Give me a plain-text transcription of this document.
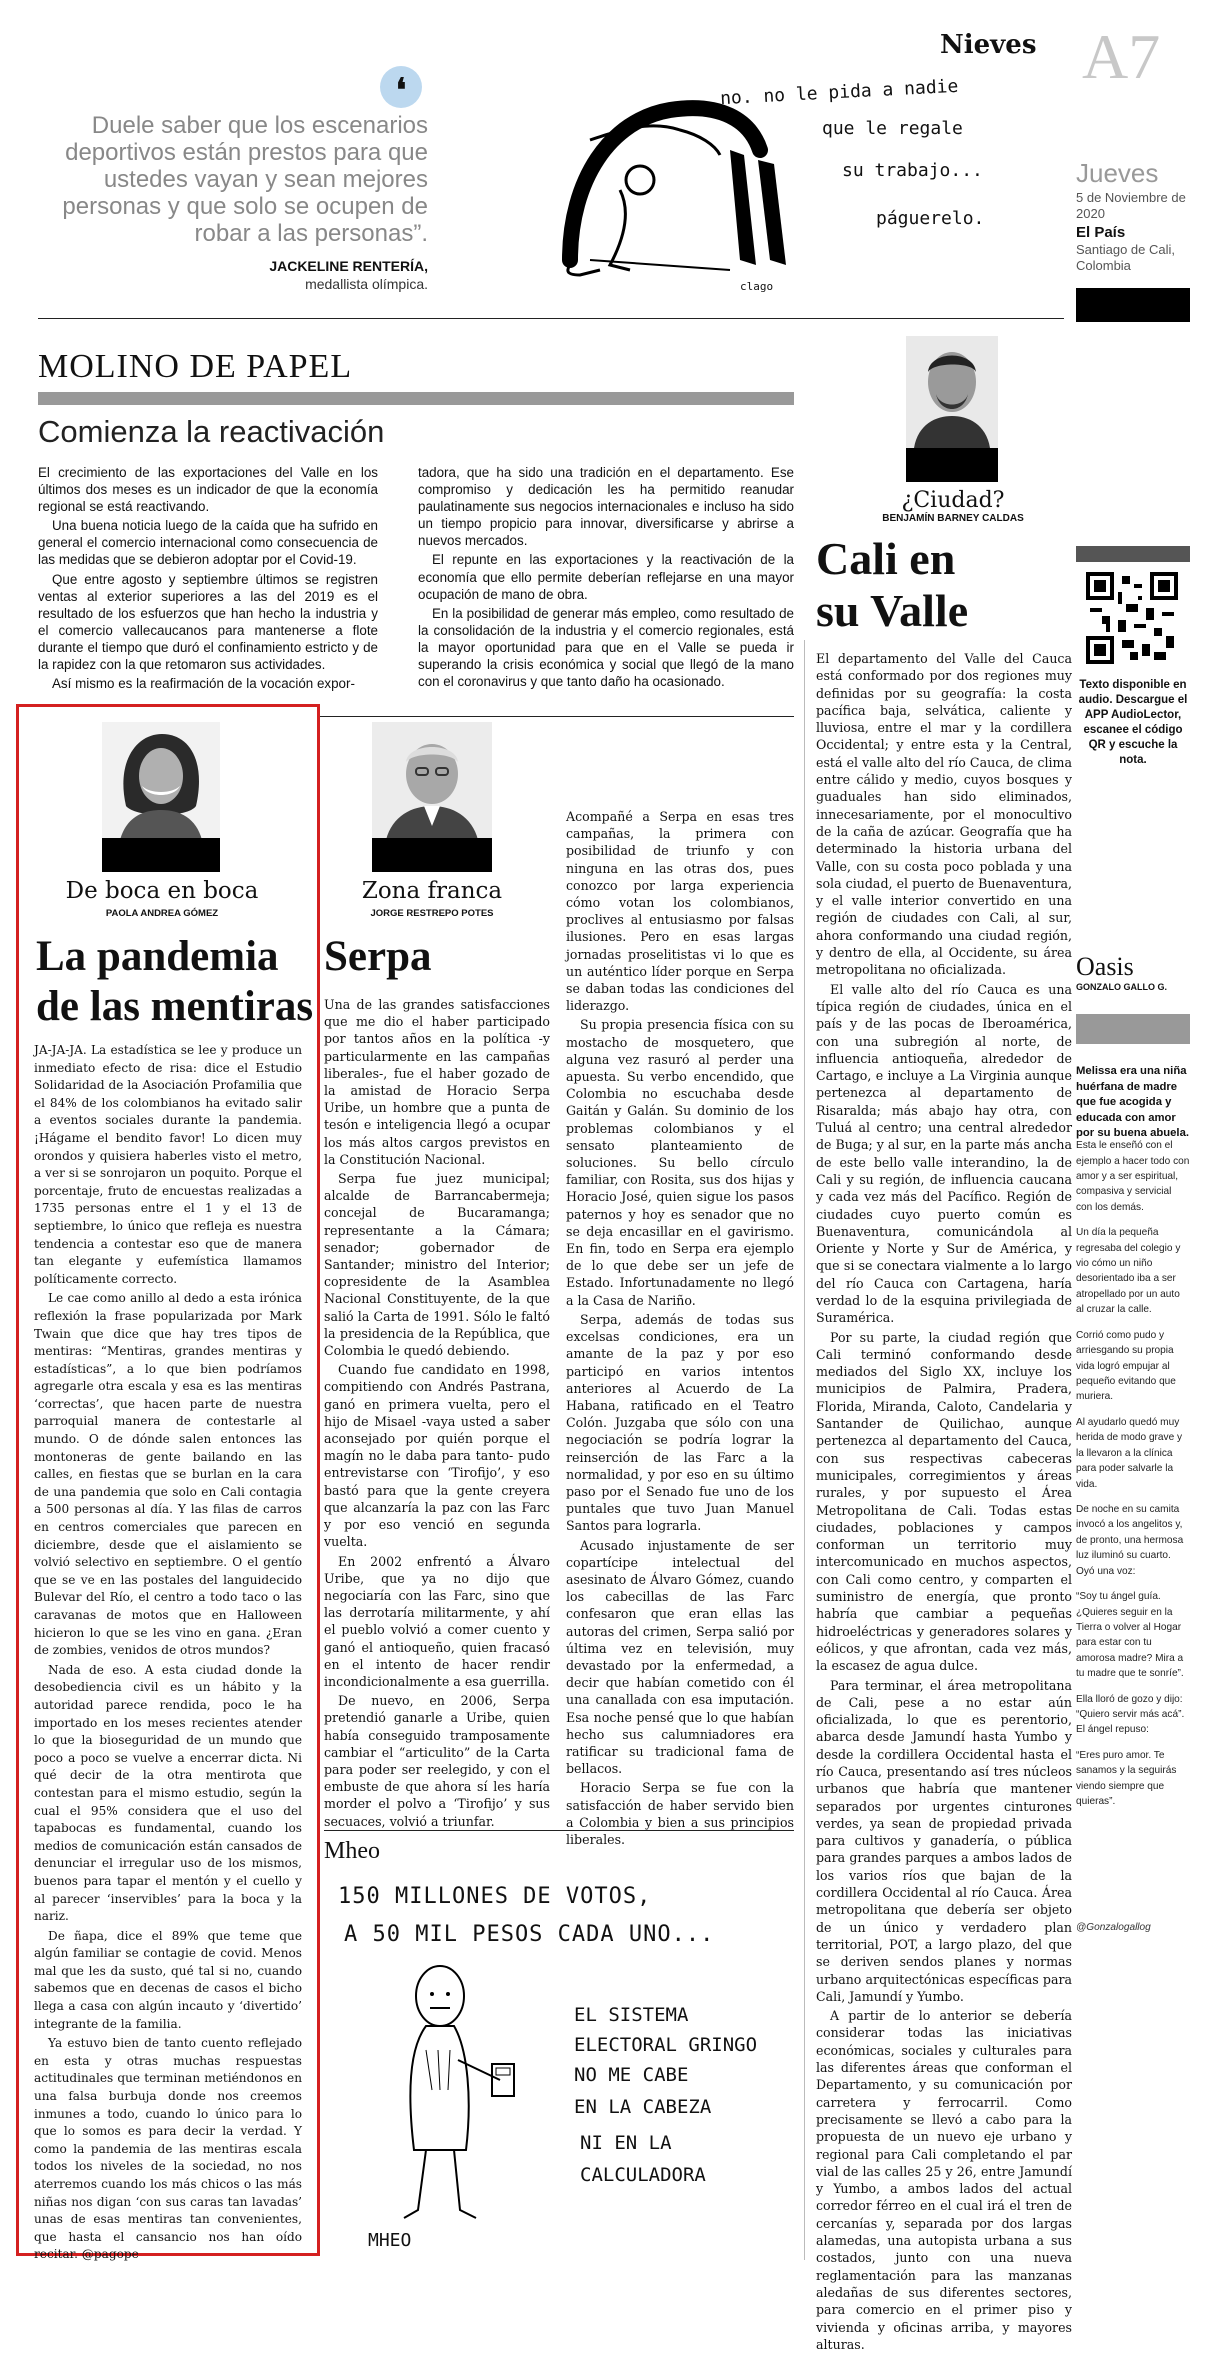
Nieves A7
Jueves
5 de Noviembre de 2020
El País
Santiago de Cali, Colombia
❛
Duele saber que los escenarios deportivos están prestos para que ustedes vayan y sean mejores personas y que solo se ocupen de robar a las personas”.
JACKELINE RENTERÍA,
medallista olímpica.
no. no le pida a nadie
que le regale
su trabajo...
páguerelo.
clago
MOLINO DE PAPEL
Comienza la reactivación

El crecimiento de las exportaciones del Valle en los últimos dos meses es un indicador de que la economía regional se está reactivando.

Una buena noticia luego de la caída que ha sufrido en general el comercio internacional como consecuencia de las medidas que se debieron adoptar por el Covid-19.

Que entre agosto y septiembre últimos se registren ventas al exterior superiores a las del 2019 es el resultado de los esfuerzos que han hecho la industria y el comercio vallecaucanos para mantenerse a flote durante el tiempo que duró el confinamiento estricto y de la rapidez con la que retomaron sus actividades.

Así mismo es la reafirmación de la vocación expor-

tadora, que ha sido una tradición en el departamento. Ese compromiso y dedicación les ha permitido reanudar paulatinamente sus negocios internacionales e incluso ha sido un tiempo propicio para innovar, diversificarse y abrirse a nuevos mercados.

El repunte en las exportaciones y la reactivación de la economía que ello permite deberían reflejarse en una mayor ocupación de mano de obra.

En la posibilidad de generar más empleo, como resultado de la consolidación de la industria y el comercio regionales, está la mayor oportunidad para que en el Valle se pueda ir superando la crisis económica y social que llegó de la mano con el coronavirus y que tanto daño ha ocasionado.

¿Ciudad?
BENJAMÍN BARNEY CALDAS
Cali en
su Valle

El departamento del Valle del Cauca está conformado por dos regiones muy definidas por su geografía: la costa pacífica baja, selvática, caliente y lluviosa, entre el mar y la cordillera Occidental; y entre esta y la Central, está el valle alto del río Cauca, de clima entre cálido y medio, cuyos bosques y guaduales han sido eliminados, innecesariamente, por el monocultivo de la caña de azúcar. Geografía que ha determinado la historia urbana del Valle, con su costa poco poblada y una sola ciudad, el puerto de Buenaventura, y el valle interior convertido en una región de ciudades con Cali, al sur, ahora conformando una ciudad región, y dentro de ella, al Occidente, su área metropolitana no oficializada.

El valle alto del río Cauca es una típica región de ciudades, única en el país y de las pocas de Iberoamérica, con una subregión al norte, de influencia antioqueña, alrededor de Cartago, e incluye a La Virginia aunque pertenezca al departamento de Risaralda; más abajo hay otra, con Tuluá al centro; una central alrededor de Buga; y al sur, en la parte más ancha de este bello valle interandino, la de Cali y su región, de influencia caucana y cada vez más del Pacífico. Región de ciudades cuyo puerto común es Buenaventura, comunicándola al Oriente y Norte y Sur de América, y que si se conectara vialmente a lo largo del río Cauca con Cartagena, haría verdad lo de la esquina privilegiada de Suramérica.

Por su parte, la ciudad región que Cali terminó conformando desde mediados del Siglo XX, incluye los municipios de Palmira, Pradera, Florida, Miranda, Caloto, Candelaria y Santander de Quilichao, aunque pertenezca al departamento del Cauca, con sus respectivas cabeceras municipales, corregimientos y áreas rurales, y por supuesto el Área Metropolitana de Cali. Todas estas ciudades, poblaciones y campos conforman un territorio muy intercomunicado en muchos aspectos, con Cali como centro, y comparten el suministro de energía, que pronto habría que cambiar a pequeñas hidroeléctricas y generadores solares y eólicos, y que afrontan, cada vez más, la escasez de agua dulce.

Para terminar, el área metropolitana de Cali, pese a no estar aún oficializada, lo que es perentorio, abarca desde Jamundí hasta Yumbo y desde la cordillera Occidental hasta el río Cauca, presentando así tres núcleos urbanos que habría que mantener separados por urgentes cinturones verdes, ya sean de propiedad privada para cultivos y ganadería, o pública para grandes parques a ambos lados de los varios ríos que bajan de la cordillera Occidental al río Cauca. Área metropolitana que debería ser objeto de un único y verdadero plan territorial, POT, a largo plazo, del que se deriven sendos planes y normas urbano arquitectónicas específicas para Cali, Jamundí y Yumbo.

A partir de lo anterior se debería considerar todas las iniciativas económicas, sociales y culturales para las diferentes áreas que conforman el Departamento, y su comunicación por carretera y ferrocarril. Como precisamente se llevó a cabo para la propuesta de un nuevo eje urbano y regional para Cali completando el par vial de las calles 25 y 26, entre Jamundí y Yumbo, a ambos lados del actual corredor férreo en el cual irá el tren de cercanías y, separada por dos largas alamedas, una autopista urbana a sus costados, junto con una nueva reglamentación para las manzanas aledañas de sus diferentes sectores, para comercio en el primer piso y vivienda y oficinas arriba, y mayores alturas.

Texto disponible en audio. Descargue el APP AudioLector, escanee el código QR y escuche la nota.
Oasis
GONZALO GALLO G.
Melissa era una niña huérfana de madre que fue acogida y educada con amor por su buena abuela.

Esta le enseñó con el ejemplo a hacer todo con amor y a ser espiritual, compasiva y servicial con los demás.

Un día la pequeña regresaba del colegio y vio cómo un niño desorientado iba a ser atropellado por un auto al cruzar la calle.

Corrió como pudo y arriesgando su propia vida logró empujar al pequeño evitando que muriera.

Al ayudarlo quedó muy herida de modo grave y la llevaron a la clínica para poder salvarle la vida.

De noche en su camita invocó a los angelitos y, de pronto, una hermosa luz iluminó su cuarto. Oyó una voz:

“Soy tu ángel guía. ¿Quieres seguir en la Tierra o volver al Hogar para estar con tu amorosa madre? Mira a tu madre que te sonríe”.

Ella lloró de gozo y dijo: “Quiero servir más acá”. El ángel repuso:

“Eres puro amor. Te sanamos y la seguirás viendo siempre que quieras”.

@Gonzalogallog
De boca en boca
PAOLA ANDREA GÓMEZ
La pandemia
de las mentiras

JA-JA-JA. La estadística se lee y produce un inmediato efecto de risa: dice el Estudio Solidaridad de la Asociación Profamilia que el 84% de los colombianos ha evitado salir a eventos sociales durante la pandemia. ¡Hágame el bendito favor! Lo dicen muy orondos y quisiera haberles visto el metro, a ver si se sonrojaron un poquito. Porque el porcentaje, fruto de encuestas realizadas a 1735 personas entre el 1 y el 13 de septiembre, lo único que refleja es nuestra tendencia a contestar eso que de manera tan elegante y eufemística llamamos políticamente correcto.

Le cae como anillo al dedo a esta irónica reflexión la frase popularizada por Mark Twain que dice que hay tres tipos de mentiras: “Mentiras, grandes mentiras y estadísticas”, a lo que bien podríamos agregarle otra escala y esa es las mentiras ‘correctas’, que hacen parte de nuestra parroquial manera de contestarle al mundo. O de dónde salen entonces las montoneras de gente bailando en las calles, en fiestas que se burlan en la cara de una pandemia que solo en Cali contagia a 500 personas al día. Y las filas de carros en centros comerciales que parecen en diciembre, desde que el aislamiento se volvió selectivo en septiembre. O el gentío que se ve en las postales del languidecido Bulevar del Río, el centro a todo taco o las caravanas de motos que en Halloween hicieron lo que se les vino en gana. ¿Eran de zombies, venidos de otros mundos?

Nada de eso. A esta ciudad donde la desobediencia civil es un hábito y la autoridad parece rendida, poco le ha importado en los meses recientes atender lo que la bioseguridad de un mundo que poco a poco se vuelve a encerrar dicta. Ni qué decir de la otra mentirota que contestan para el mismo estudio, según la cual el 95% considera que el uso del tapabocas es fundamental, cuando los medios de comunicación están cansados de denunciar el irregular uso de los mismos, buenos para tapar el mentón y el cuello y al parecer ‘inservibles’ para la boca y la nariz.

De ñapa, dice el 89% que teme que algún familiar se contagie de covid. Menos mal que les da susto, qué tal si no, cuando sabemos que en decenas de casos el bicho llega a casa con algún incauto y ‘divertido’ integrante de la familia.

Ya estuvo bien de tanto cuento reflejado en esta y otras muchas respuestas actitudinales que terminan metiéndonos en una falsa burbuja donde nos creemos inmunes a todo, cuando lo único para lo que lo somos es para decir la verdad. Y como la pandemia de las mentiras escala todos los niveles de la sociedad, no nos aterremos cuando los más chicos o las más niñas nos digan ‘con sus caras tan lavadas’ unas de esas mentiras tan convenientes, que hasta el cansancio nos han oído recitar. @pagope

Zona franca
JORGE RESTREPO POTES
Serpa

Una de las grandes satisfacciones que me dio el haber participado por tantos años en la política -y particularmente en las campañas liberales-, fue el haber gozado de la amistad de Horacio Serpa Uribe, un hombre que a punta de tesón e inteligencia llegó a ocupar los más altos cargos previstos en la Constitución Nacional.

Serpa fue juez municipal; alcalde de Barrancabermeja; concejal de Bucaramanga; representante a la Cámara; senador; gobernador de Santander; ministro del Interior; copresidente de la Asamblea Nacional Constituyente, de la que salió la Carta de 1991. Sólo le faltó la presidencia de la República, que Colombia le quedó debiendo.

Cuando fue candidato en 1998, compitiendo con Andrés Pastrana, ganó en primera vuelta, pero el hijo de Misael -vaya usted a saber aconsejado por quién porque el magín no le daba para tanto- pudo entrevistarse con ‘Tirofijo’, y eso bastó para que la gente creyera que alcanzaría la paz con las Farc y por eso venció en segunda vuelta.

En 2002 enfrentó a Álvaro Uribe, que ya no dijo que negociaría con las Farc, sino que las derrotaría militarmente, y ahí el pueblo volvió a comer cuento y ganó el antioqueño, quien fracasó en el intento de hacer rendir incondicionalmente a esa guerrilla.

De nuevo, en 2006, Serpa pretendió ganarle a Uribe, quien había conseguido tramposamente cambiar el “articulito” de la Carta para poder ser reelegido, y con el embuste de que ahora sí les haría morder el polvo a ‘Tirofijo’ y sus secuaces, volvió a triunfar.

Acompañé a Serpa en esas tres campañas, la primera con posibilidad de triunfo y con ninguna en las otras dos, pues conozco por larga experiencia cómo votan los colombianos, proclives al entusiasmo por falsas ilusiones. Pero en esas largas jornadas proselitistas vi lo que es un auténtico líder porque en Serpa se daban todas las condiciones del liderazgo.

Su propia presencia física con su mostacho de mosquetero, que alguna vez rasuró al perder una apuesta. Su verbo encendido, que Colombia no escuchaba desde Gaitán y Galán. Su dominio de los problemas colombianos y el sensato planteamiento de soluciones. Su bello círculo familiar, con Rosita, sus dos hijas y Horacio José, quien sigue los pasos paternos y hoy es senador que no se deja encasillar en el gavirismo. En fin, todo en Serpa era ejemplo de lo que debe ser un jefe de Estado. Infortunadamente no llegó a la Casa de Nariño.

Serpa, además de todas sus excelsas condiciones, era un amante de la paz y por eso participó en varios intentos anteriores al Acuerdo de La Habana, ratificado en el Teatro Colón. Juzgaba que sólo con una negociación se podría lograr la reinserción de las Farc a la normalidad, y por eso en su último paso por el Senado fue uno de los puntales que tuvo Juan Manuel Santos para lograrla.

Acusado injustamente de ser copartícipe intelectual del asesinato de Álvaro Gómez, cuando los cabecillas de las Farc confesaron que eran ellas las autoras del crimen, Serpa salió por última vez en televisión, muy devastado por la enfermedad, a decir que habían cometido con él una canallada con esa imputación. Esa noche pensé que lo que habían hecho sus calumniadores era ratificar su tradicional fama de bellacos.

Horacio Serpa se fue con la satisfacción de haber servido bien a Colombia y bien a sus principios liberales.

Mheo
150 MILLONES DE VOTOS,
A 50 MIL PESOS CADA UNO...
EL SISTEMA
ELECTORAL GRINGO
NO ME CABE
EN LA CABEZA
NI EN LA
CALCULADORA
MHEO
